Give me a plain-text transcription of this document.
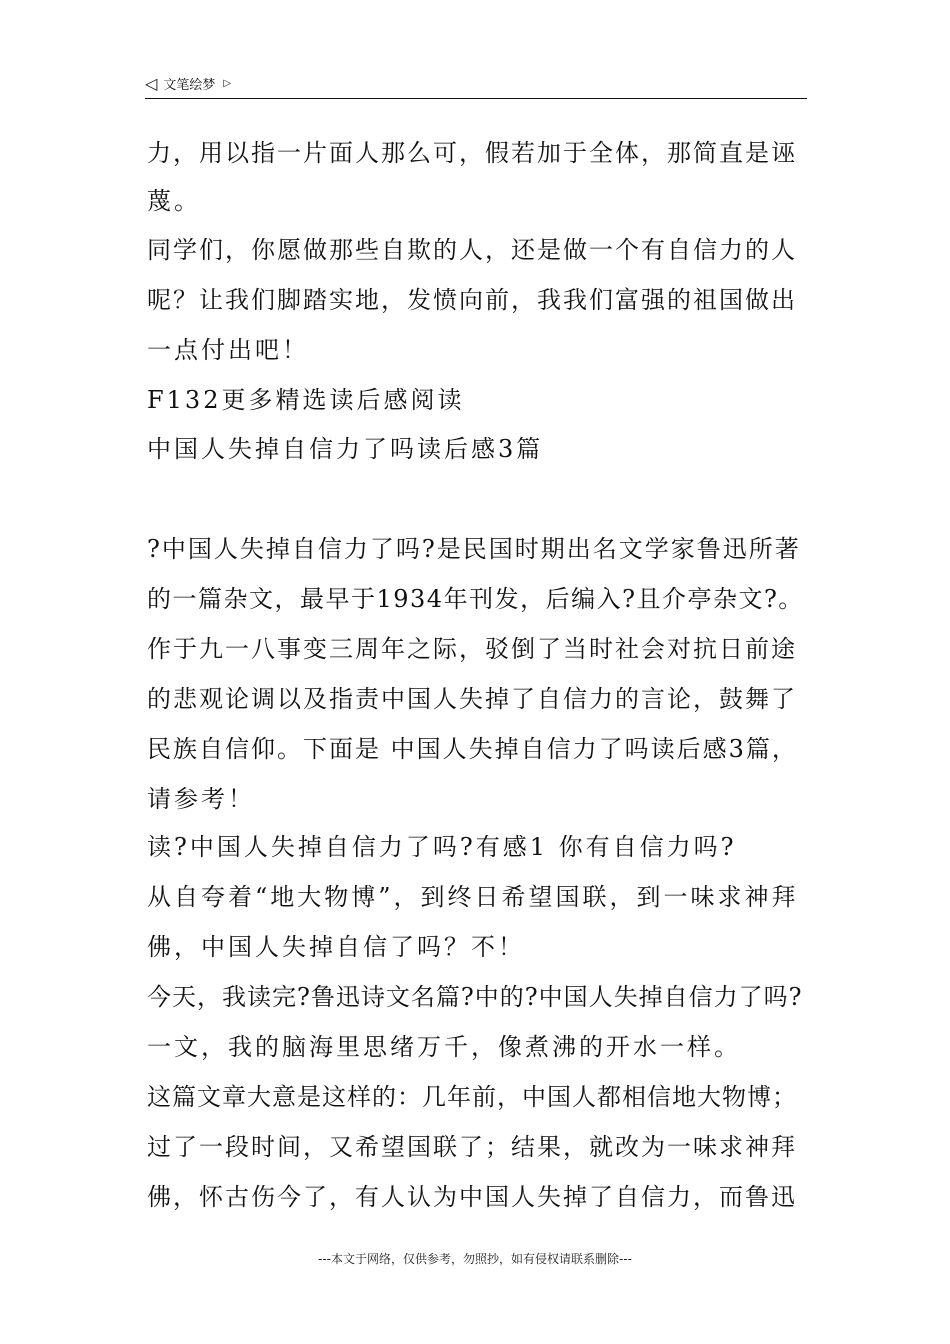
◁ 文笔绘梦 ▷
力，用以指一片面人那么可，假若加于全体，那简直是诬
蔑。
同学们，你愿做那些自欺的人，还是做一个有自信力的人
呢？让我们脚踏实地，发愤向前，我我们富强的祖国做出
一点付出吧！
F132更多精选读后感阅读
中国人失掉自信力了吗读后感3篇
?中国人失掉自信力了吗?是民国时期出名文学家鲁迅所著
的一篇杂文，最早于1934年刊发，后编入?且介亭杂文?。
作于九一八事变三周年之际，驳倒了当时社会对抗日前途
的悲观论调以及指责中国人失掉了自信力的言论，鼓舞了
民族自信仰。下面是 中国人失掉自信力了吗读后感3篇，
请参考！
读?中国人失掉自信力了吗?有感1 你有自信力吗?
从自夸着“地大物博”，到终日希望国联，到一味求神拜
佛，中国人失掉自信了吗？不！
今天，我读完?鲁迅诗文名篇?中的?中国人失掉自信力了吗?
一文，我的脑海里思绪万千，像煮沸的开水一样。
这篇文章大意是这样的：几年前，中国人都相信地大物博；
过了一段时间，又希望国联了；结果，就改为一味求神拜
佛，怀古伤今了，有人认为中国人失掉了自信力，而鲁迅
---本文于网络，仅供参考，勿照抄，如有侵权请联系删除---
